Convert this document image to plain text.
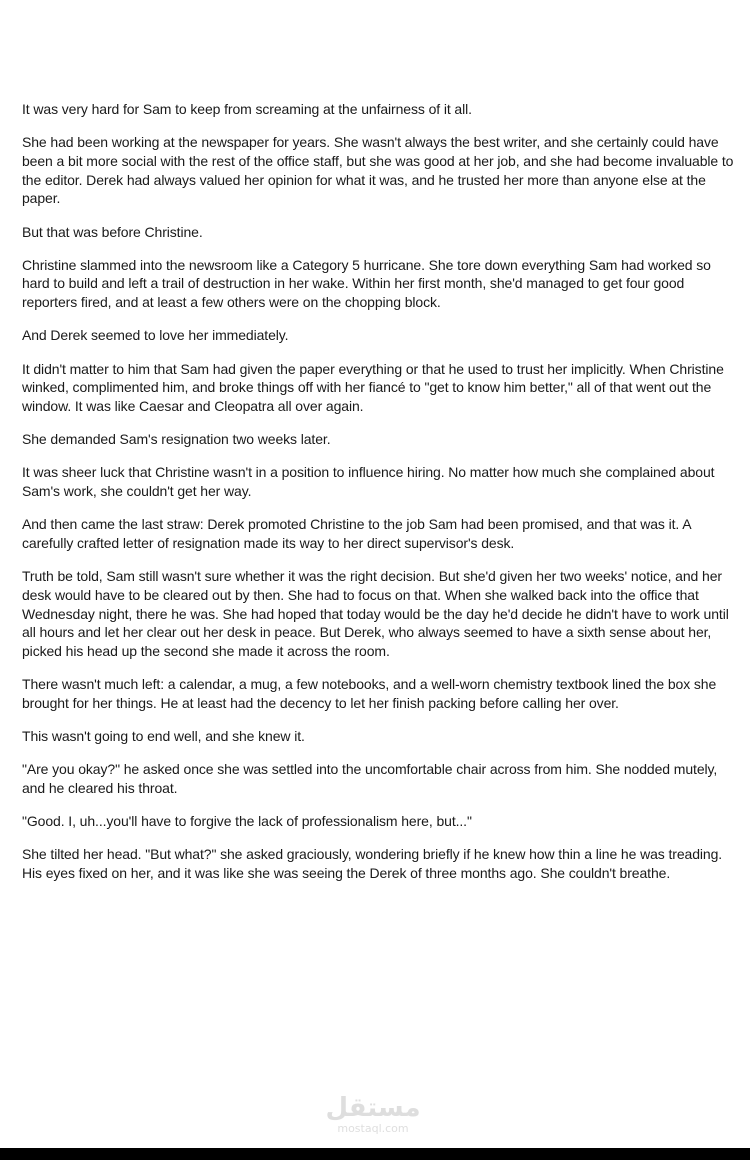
It was very hard for Sam to keep from screaming at the unfairness of it all.

She had been working at the newspaper for years. She wasn't always the best writer, and she certainly could have been a bit more social with the rest of the office staff, but she was good at her job, and she had become invaluable to the editor. Derek had always valued her opinion for what it was, and he trusted her more than anyone else at the paper.

But that was before Christine.

Christine slammed into the newsroom like a Category 5 hurricane. She tore down everything Sam had worked so hard to build and left a trail of destruction in her wake. Within her first month, she'd managed to get four good reporters fired, and at least a few others were on the chopping block.

And Derek seemed to love her immediately.

It didn't matter to him that Sam had given the paper everything or that he used to trust her implicitly. When Christine winked, complimented him, and broke things off with her fiancé to "get to know him better," all of that went out the window. It was like Caesar and Cleopatra all over again.

She demanded Sam's resignation two weeks later.

It was sheer luck that Christine wasn't in a position to influence hiring. No matter how much she complained about Sam's work, she couldn't get her way.

And then came the last straw: Derek promoted Christine to the job Sam had been promised, and that was it. A carefully crafted letter of resignation made its way to her direct supervisor's desk.

Truth be told, Sam still wasn't sure whether it was the right decision. But she'd given her two weeks' notice, and her desk would have to be cleared out by then. She had to focus on that. When she walked back into the office that Wednesday night, there he was. She had hoped that today would be the day he'd decide he didn't have to work until all hours and let her clear out her desk in peace. But Derek, who always seemed to have a sixth sense about her, picked his head up the second she made it across the room.

There wasn't much left: a calendar, a mug, a few notebooks, and a well-worn chemistry textbook lined the box she brought for her things. He at least had the decency to let her finish packing before calling her over.

This wasn't going to end well, and she knew it.

"Are you okay?" he asked once she was settled into the uncomfortable chair across from him. She nodded mutely, and he cleared his throat.

"Good. I, uh...you'll have to forgive the lack of professionalism here, but..."

She tilted her head. "But what?" she asked graciously, wondering briefly if he knew how thin a line he was treading. His eyes fixed on her, and it was like she was seeing the Derek of three months ago. She couldn't breathe.

مستقل
mostaql.com
